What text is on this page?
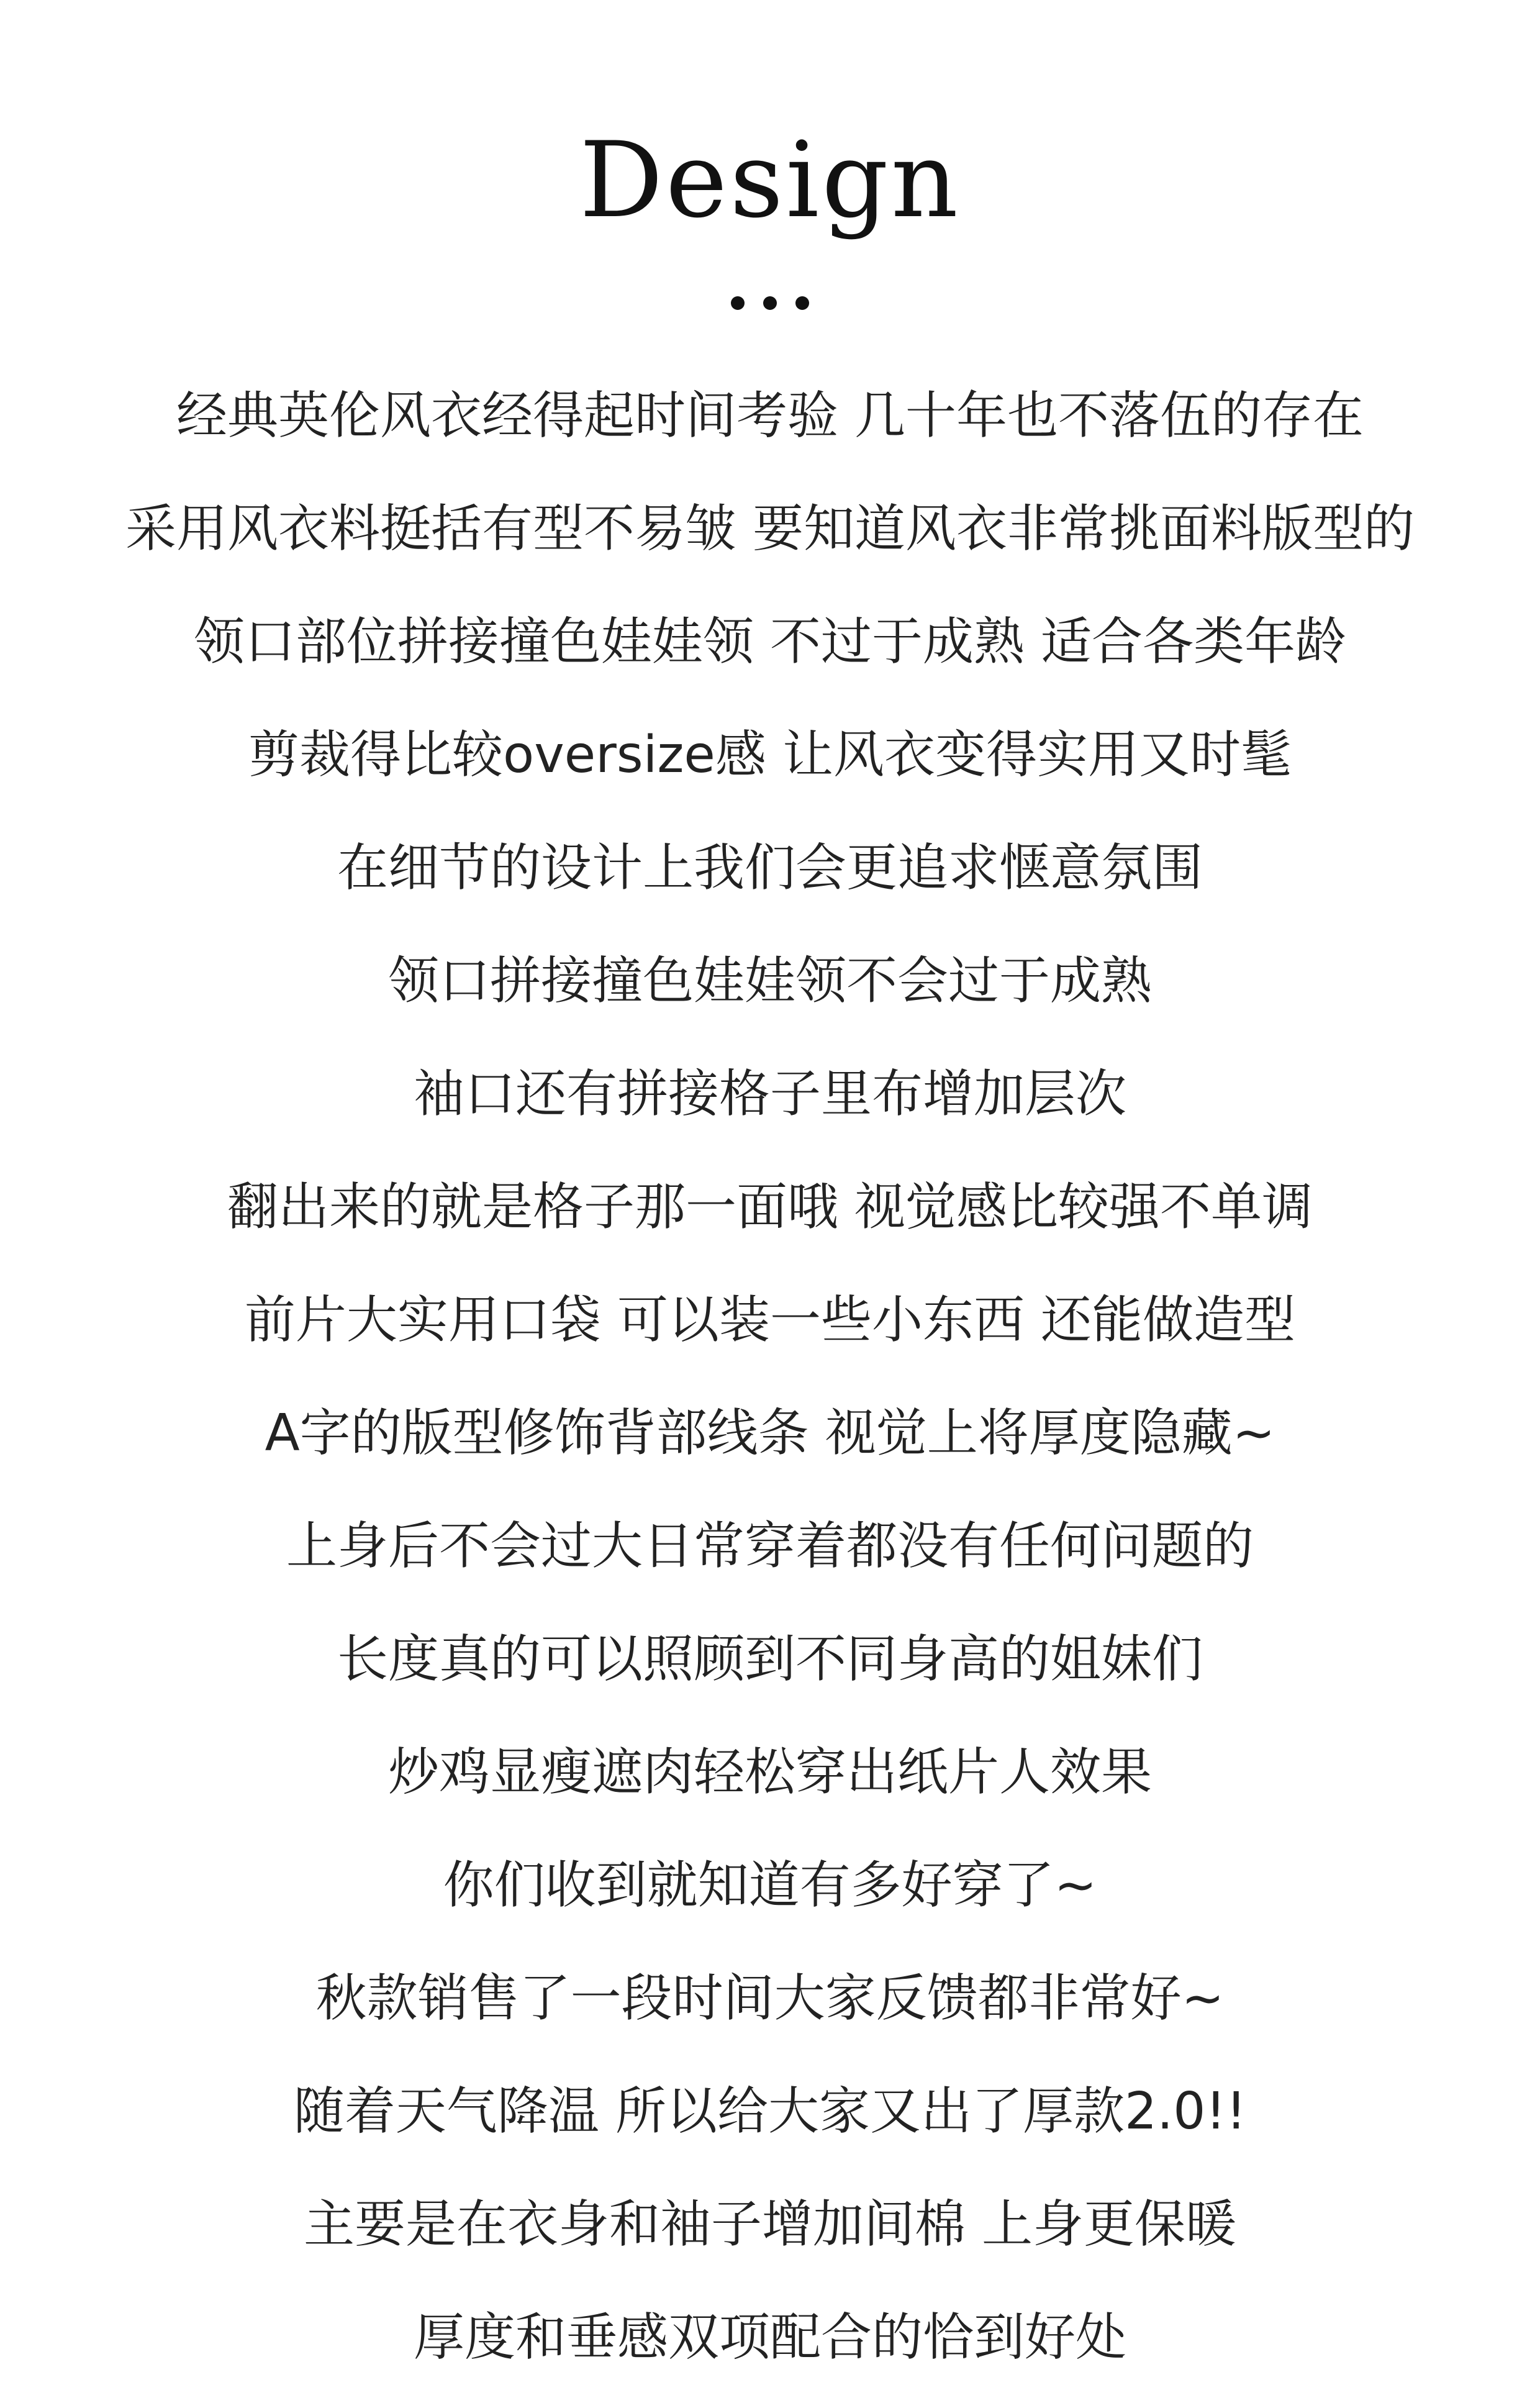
Design
经典英伦风衣经得起时间考验 几十年也不落伍的存在
采用风衣料挺括有型不易皱 要知道风衣非常挑面料版型的
领口部位拼接撞色娃娃领 不过于成熟 适合各类年龄
剪裁得比较oversize感 让风衣变得实用又时髦
在细节的设计上我们会更追求惬意氛围
领口拼接撞色娃娃领不会过于成熟
袖口还有拼接格子里布增加层次
翻出来的就是格子那一面哦 视觉感比较强不单调
前片大实用口袋 可以装一些小东西 还能做造型
A字的版型修饰背部线条 视觉上将厚度隐藏~
上身后不会过大日常穿着都没有任何问题的
长度真的可以照顾到不同身高的姐妹们
炒鸡显瘦遮肉轻松穿出纸片人效果
你们收到就知道有多好穿了~
秋款销售了一段时间大家反馈都非常好~
随着天气降温 所以给大家又出了厚款2.0!!
主要是在衣身和袖子增加间棉 上身更保暖
厚度和垂感双项配合的恰到好处
